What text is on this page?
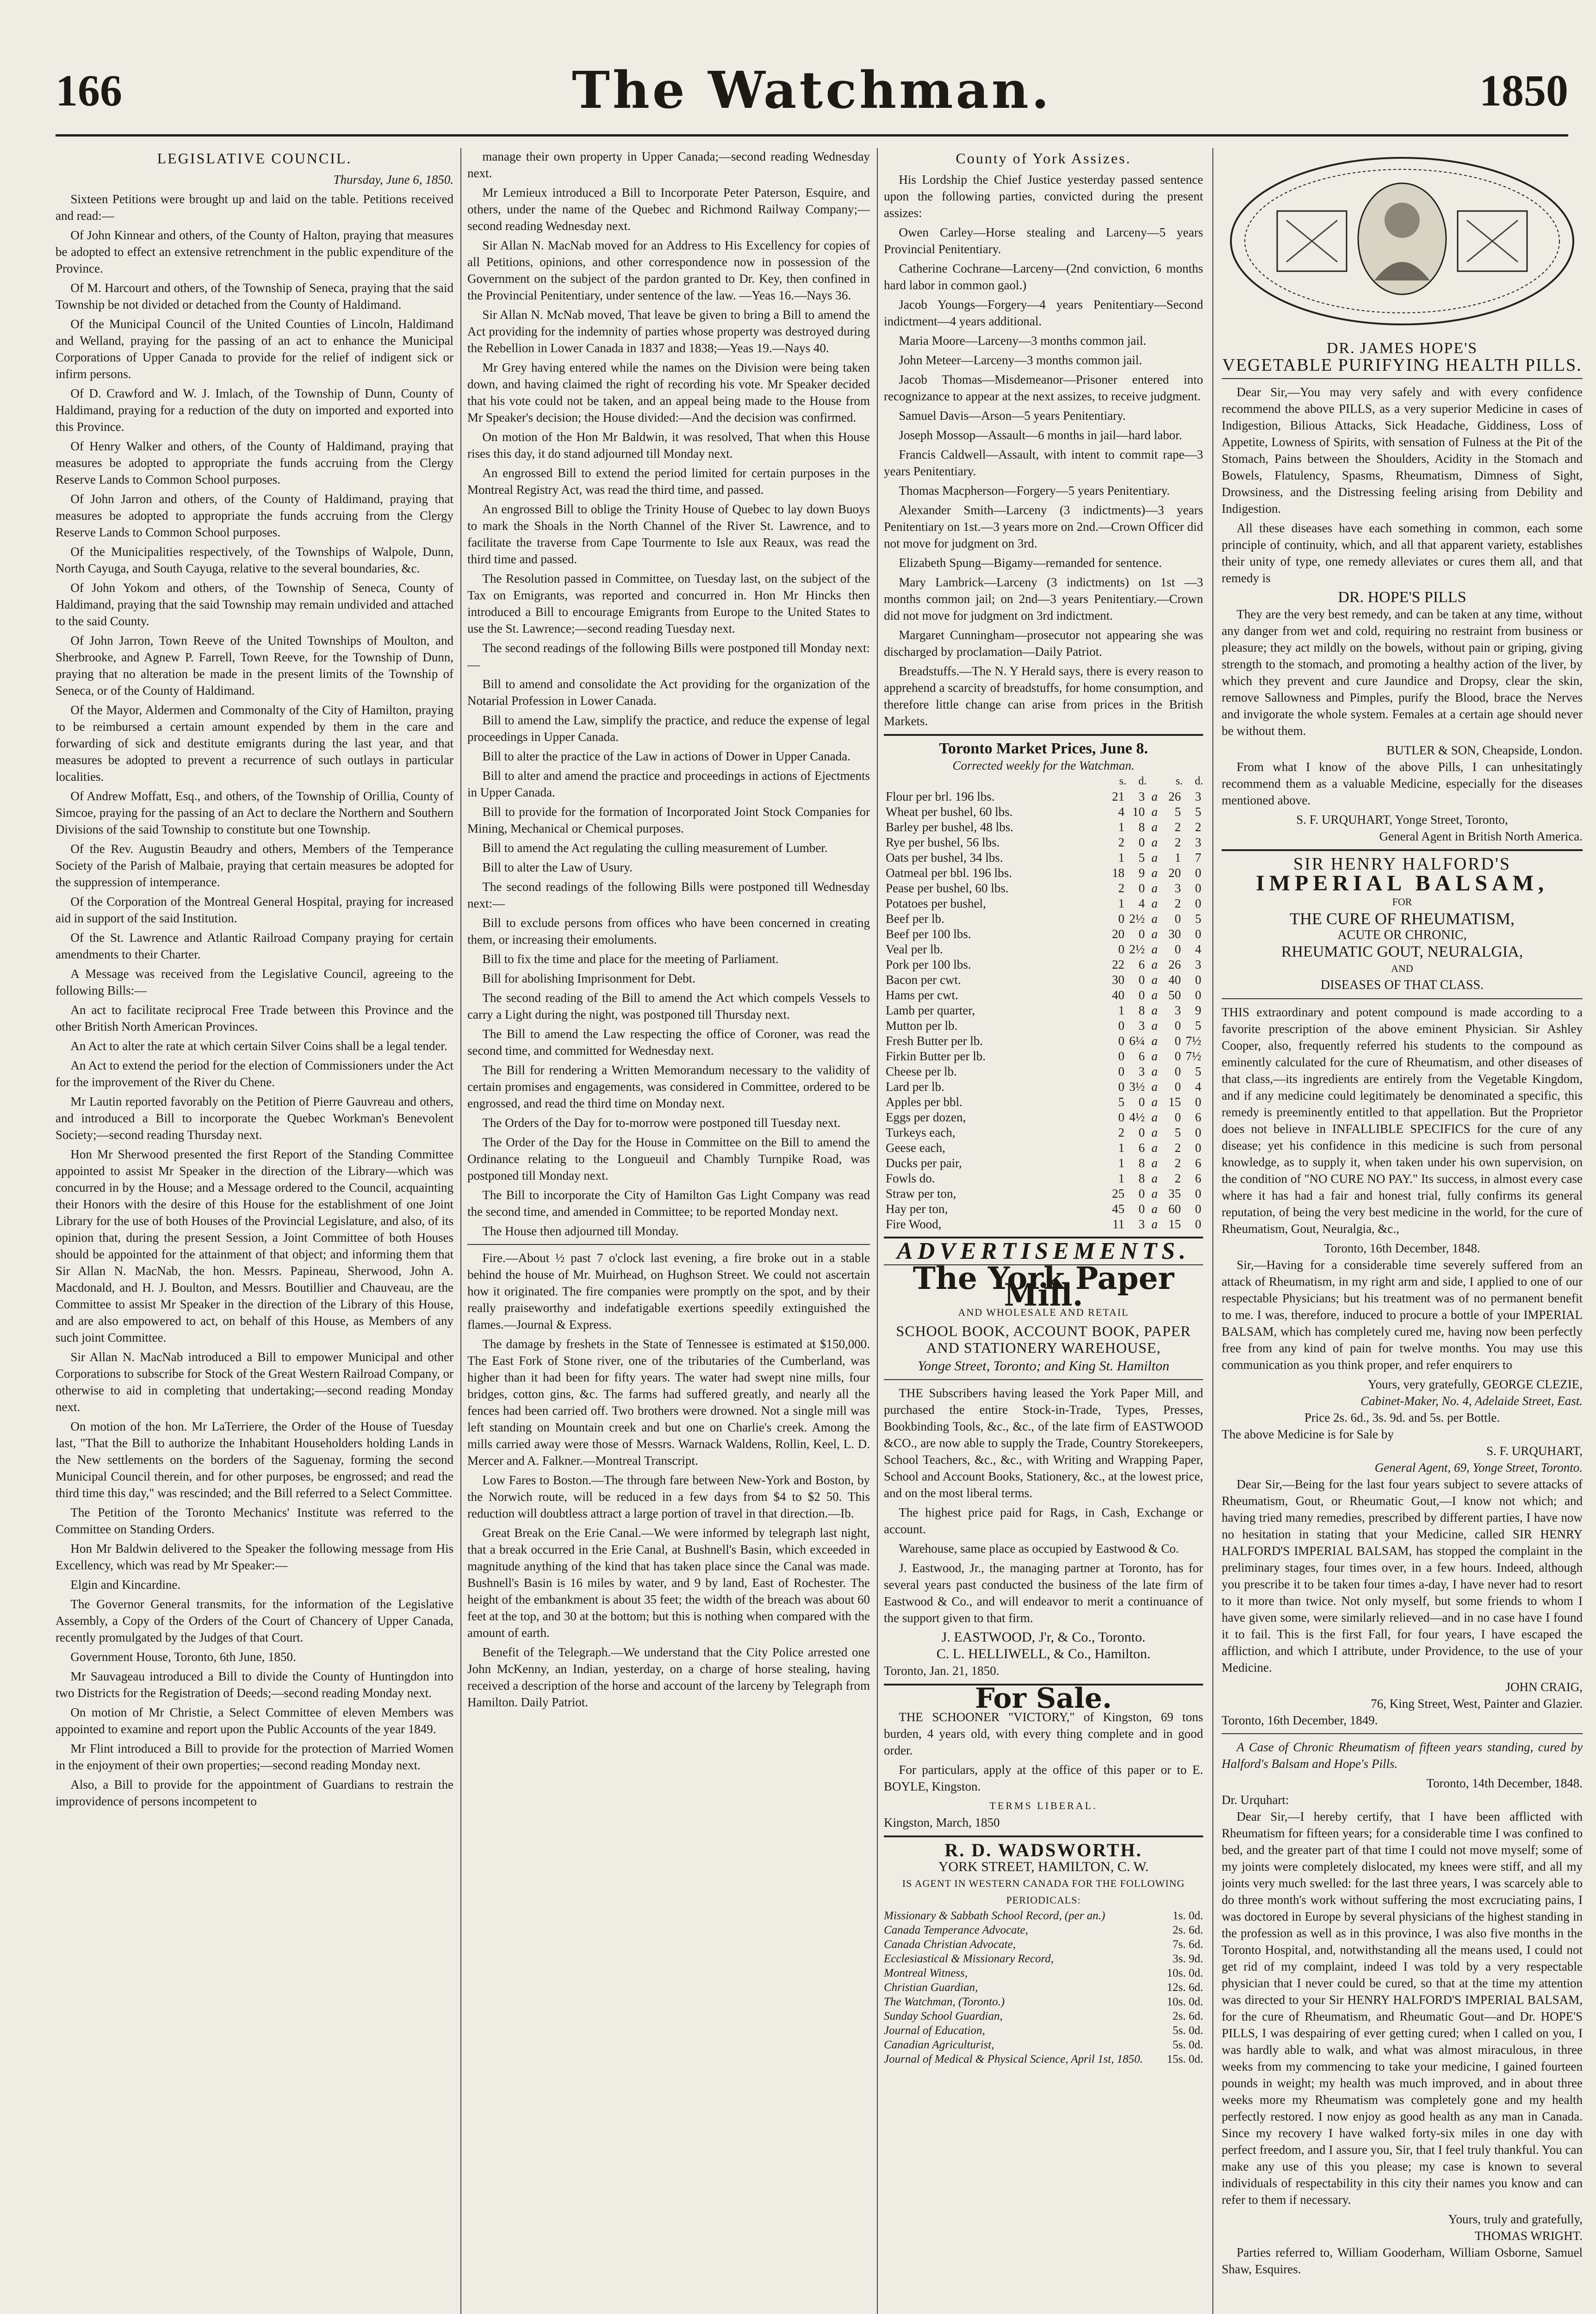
166	The Watchman.	1850
LEGISLATIVE COUNCIL.
Thursday, June 6, 1850.

Sixteen Petitions were brought up and laid on the table. Petitions received and read:—

Of John Kinnear and others, of the County of Halton, praying that measures be adopted to effect an extensive retrenchment in the public expenditure of the Province.

Of M. Harcourt and others, of the Township of Seneca, praying that the said Township be not divided or detached from the County of Haldimand.

Of the Municipal Council of the United Counties of Lincoln, Haldimand and Welland, praying for the passing of an act to enhance the Municipal Corporations of Upper Canada to provide for the relief of indigent sick or infirm persons.

Of D. Crawford and W. J. Imlach, of the Township of Dunn, County of Haldimand, praying for a reduction of the duty on imported and exported into this Province.

Of Henry Walker and others, of the County of Haldimand, praying that measures be adopted to appropriate the funds accruing from the Clergy Reserve Lands to Common School purposes.

Of John Jarron and others, of the County of Haldimand, praying that measures be adopted to appropriate the funds accruing from the Clergy Reserve Lands to Common School purposes.

Of the Municipalities respectively, of the Townships of Walpole, Dunn, North Cayuga, and South Cayuga, relative to the several boundaries, &c.

Of John Yokom and others, of the Township of Seneca, County of Haldimand, praying that the said Township may remain undivided and attached to the said County.

Of John Jarron, Town Reeve of the United Townships of Moulton, and Sherbrooke, and Agnew P. Farrell, Town Reeve, for the Township of Dunn, praying that no alteration be made in the present limits of the Township of Seneca, or of the County of Haldimand.

Of the Mayor, Aldermen and Commonalty of the City of Hamilton, praying to be reimbursed a certain amount expended by them in the care and forwarding of sick and destitute emigrants during the last year, and that measures be adopted to prevent a recurrence of such outlays in particular localities.

Of Andrew Moffatt, Esq., and others, of the Township of Orillia, County of Simcoe, praying for the passing of an Act to declare the Northern and Southern Divisions of the said Township to constitute but one Township.

Of the Rev. Augustin Beaudry and others, Members of the Temperance Society of the Parish of Malbaie, praying that certain measures be adopted for the suppression of intemperance.

Of the Corporation of the Montreal General Hospital, praying for increased aid in support of the said Institution.

Of the St. Lawrence and Atlantic Railroad Company praying for certain amendments to their Charter.

A Message was received from the Legislative Council, agreeing to the following Bills:—

An act to facilitate reciprocal Free Trade between this Province and the other British North American Provinces.

An Act to alter the rate at which certain Silver Coins shall be a legal tender.

An Act to extend the period for the election of Commissioners under the Act for the improvement of the River du Chene.

Mr Lautin reported favorably on the Petition of Pierre Gauvreau and others, and introduced a Bill to incorporate the Quebec Workman's Benevolent Society;—second reading Thursday next.

Hon Mr Sherwood presented the first Report of the Standing Committee appointed to assist Mr Speaker in the direction of the Library—which was concurred in by the House; and a Message ordered to the Council, acquainting their Honors with the desire of this House for the establishment of one Joint Library for the use of both Houses of the Provincial Legislature, and also, of its opinion that, during the present Session, a Joint Committee of both Houses should be appointed for the attainment of that object; and informing them that Sir Allan N. MacNab, the hon. Messrs. Papineau, Sherwood, John A. Macdonald, and H. J. Boulton, and Messrs. Boutillier and Chauveau, are the Committee to assist Mr Speaker in the direction of the Library of this House, and are also empowered to act, on behalf of this House, as Members of any such joint Committee.

Sir Allan N. MacNab introduced a Bill to empower Municipal and other Corporations to subscribe for Stock of the Great Western Railroad Company, or otherwise to aid in completing that undertaking;—second reading Monday next.

On motion of the hon. Mr LaTerriere, the Order of the House of Tuesday last, "That the Bill to authorize the Inhabitant Householders holding Lands in the New settlements on the borders of the Saguenay, forming the second Municipal Council therein, and for other purposes, be engrossed; and read the third time this day," was rescinded; and the Bill referred to a Select Committee.

The Petition of the Toronto Mechanics' Institute was referred to the Committee on Standing Orders.

Hon Mr Baldwin delivered to the Speaker the following message from His Excellency, which was read by Mr Speaker:—

Elgin and Kincardine.

The Governor General transmits, for the information of the Legislative Assembly, a Copy of the Orders of the Court of Chancery of Upper Canada, recently promulgated by the Judges of that Court.

Government House, Toronto, 6th June, 1850.

Mr Sauvageau introduced a Bill to divide the County of Huntingdon into two Districts for the Registration of Deeds;—second reading Monday next.

On motion of Mr Christie, a Select Committee of eleven Members was appointed to examine and report upon the Public Accounts of the year 1849.

Mr Flint introduced a Bill to provide for the protection of Married Women in the enjoyment of their own properties;—second reading Monday next.

Also, a Bill to provide for the appointment of Guardians to restrain the improvidence of persons incompetent to

manage their own property in Upper Canada;—second reading Wednesday next.

Mr Lemieux introduced a Bill to Incorporate Peter Paterson, Esquire, and others, under the name of the Quebec and Richmond Railway Company;—second reading Wednesday next.

Sir Allan N. MacNab moved for an Address to His Excellency for copies of all Petitions, opinions, and other correspondence now in possession of the Government on the subject of the pardon granted to Dr. Key, then confined in the Provincial Penitentiary, under sentence of the law. —Yeas 16.—Nays 36.

Sir Allan N. McNab moved, That leave be given to bring a Bill to amend the Act providing for the indemnity of parties whose property was destroyed during the Rebellion in Lower Canada in 1837 and 1838;—Yeas 19.—Nays 40.

Mr Grey having entered while the names on the Division were being taken down, and having claimed the right of recording his vote. Mr Speaker decided that his vote could not be taken, and an appeal being made to the House from Mr Speaker's decision; the House divided:—And the decision was confirmed.

On motion of the Hon Mr Baldwin, it was resolved, That when this House rises this day, it do stand adjourned till Monday next.

An engrossed Bill to extend the period limited for certain purposes in the Montreal Registry Act, was read the third time, and passed.

An engrossed Bill to oblige the Trinity House of Quebec to lay down Buoys to mark the Shoals in the North Channel of the River St. Lawrence, and to facilitate the traverse from Cape Tourmente to Isle aux Reaux, was read the third time and passed.

The Resolution passed in Committee, on Tuesday last, on the subject of the Tax on Emigrants, was reported and concurred in. Hon Mr Hincks then introduced a Bill to encourage Emigrants from Europe to the United States to use the St. Lawrence;—second reading Tuesday next.

The second readings of the following Bills were postponed till Monday next:—

Bill to amend and consolidate the Act providing for the organization of the Notarial Profession in Lower Canada.

Bill to amend the Law, simplify the practice, and reduce the expense of legal proceedings in Upper Canada.

Bill to alter the practice of the Law in actions of Dower in Upper Canada.

Bill to alter and amend the practice and proceedings in actions of Ejectments in Upper Canada.

Bill to provide for the formation of Incorporated Joint Stock Companies for Mining, Mechanical or Chemical purposes.

Bill to amend the Act regulating the culling measurement of Lumber.

Bill to alter the Law of Usury.

The second readings of the following Bills were postponed till Wednesday next:—

Bill to exclude persons from offices who have been concerned in creating them, or increasing their emoluments.

Bill to fix the time and place for the meeting of Parliament.

Bill for abolishing Imprisonment for Debt.

The second reading of the Bill to amend the Act which compels Vessels to carry a Light during the night, was postponed till Thursday next.

The Bill to amend the Law respecting the office of Coroner, was read the second time, and committed for Wednesday next.

The Bill for rendering a Written Memorandum necessary to the validity of certain promises and engagements, was considered in Committee, ordered to be engrossed, and read the third time on Monday next.

The Orders of the Day for to-morrow were postponed till Tuesday next.

The Order of the Day for the House in Committee on the Bill to amend the Ordinance relating to the Longueuil and Chambly Turnpike Road, was postponed till Monday next.

The Bill to incorporate the City of Hamilton Gas Light Company was read the second time, and amended in Committee; to be reported Monday next.

The House then adjourned till Monday.

Fire.—About ½ past 7 o'clock last evening, a fire broke out in a stable behind the house of Mr. Muirhead, on Hughson Street. We could not ascertain how it originated. The fire companies were promptly on the spot, and by their really praiseworthy and indefatigable exertions speedily extinguished the flames.—Journal & Express.

The damage by freshets in the State of Tennessee is estimated at $150,000. The East Fork of Stone river, one of the tributaries of the Cumberland, was higher than it had been for fifty years. The water had swept nine mills, four bridges, cotton gins, &c. The farms had suffered greatly, and nearly all the fences had been carried off. Two brothers were drowned. Not a single mill was left standing on Mountain creek and but one on Charlie's creek. Among the mills carried away were those of Messrs. Warnack Waldens, Rollin, Keel, L. D. Mercer and A. Falkner.—Montreal Transcript.

Low Fares to Boston.—The through fare between New-York and Boston, by the Norwich route, will be reduced in a few days from $4 to $2 50. This reduction will doubtless attract a large portion of travel in that direction.—Ib.

Great Break on the Erie Canal.—We were informed by telegraph last night, that a break occurred in the Erie Canal, at Bushnell's Basin, which exceeded in magnitude anything of the kind that has taken place since the Canal was made. Bushnell's Basin is 16 miles by water, and 9 by land, East of Rochester. The height of the embankment is about 35 feet; the width of the breach was about 60 feet at the top, and 30 at the bottom; but this is nothing when compared with the amount of earth.

Benefit of the Telegraph.—We understand that the City Police arrested one John McKenny, an Indian, yesterday, on a charge of horse stealing, having received a description of the horse and account of the larceny by Telegraph from Hamilton. Daily Patriot.

County of York Assizes.

His Lordship the Chief Justice yesterday passed sentence upon the following parties, convicted during the present assizes:

Owen Carley—Horse stealing and Larceny—5 years Provincial Penitentiary.

Catherine Cochrane—Larceny—(2nd conviction, 6 months hard labor in common gaol.)

Jacob Youngs—Forgery—4 years Penitentiary—Second indictment—4 years additional.

Maria Moore—Larceny—3 months common jail.

John Meteer—Larceny—3 months common jail.

Jacob Thomas—Misdemeanor—Prisoner entered into recognizance to appear at the next assizes, to receive judgment.

Samuel Davis—Arson—5 years Penitentiary.

Joseph Mossop—Assault—6 months in jail—hard labor.

Francis Caldwell—Assault, with intent to commit rape—3 years Penitentiary.

Thomas Macpherson—Forgery—5 years Penitentiary.

Alexander Smith—Larceny (3 indictments)—3 years Penitentiary on 1st.—3 years more on 2nd.—Crown Officer did not move for judgment on 3rd.

Elizabeth Spung—Bigamy—remanded for sentence.

Mary Lambrick—Larceny (3 indictments) on 1st —3 months common jail; on 2nd—3 years Penitentiary.—Crown did not move for judgment on 3rd indictment.

Margaret Cunningham—prosecutor not appearing she was discharged by proclamation—Daily Patriot.

Breadstuffs.—The N. Y Herald says, there is every reason to apprehend a scarcity of breadstuffs, for home consumption, and therefore little change can arise from prices in the British Markets.

Toronto Market Prices, June 8.
Corrected weekly for the Watchman.
	s.	d.		s.	d.
Flour per brl. 196 lbs.	21	3	a	26	3
Wheat per bushel, 60 lbs.	4	10	a	5	5
Barley per bushel, 48 lbs.	1	8	a	2	2
Rye per bushel, 56 lbs.	2	0	a	2	3
Oats per bushel, 34 lbs.	1	5	a	1	7
Oatmeal per bbl. 196 lbs.	18	9	a	20	0
Pease per bushel, 60 lbs.	2	0	a	3	0
Potatoes per bushel,	1	4	a	2	0
Beef per lb.	0	2½	a	0	5
Beef per 100 lbs.	20	0	a	30	0
Veal per lb.	0	2½	a	0	4
Pork per 100 lbs.	22	6	a	26	3
Bacon per cwt.	30	0	a	40	0
Hams per cwt.	40	0	a	50	0
Lamb per quarter,	1	8	a	3	9
Mutton per lb.	0	3	a	0	5
Fresh Butter per lb.	0	6¼	a	0	7½
Firkin Butter per lb.	0	6	a	0	7½
Cheese per lb.	0	3	a	0	5
Lard per lb.	0	3½	a	0	4
Apples per bbl.	5	0	a	15	0
Eggs per dozen,	0	4½	a	0	6
Turkeys each,	2	0	a	5	0
Geese each,	1	6	a	2	0
Ducks per pair,	1	8	a	2	6
Fowls do.	1	8	a	2	6
Straw per ton,	25	0	a	35	0
Hay per ton,	45	0	a	60	0
Fire Wood,	11	3	a	15	0
ADVERTISEMENTS.
The York Paper Mill.
AND WHOLESALE AND RETAIL
SCHOOL BOOK, ACCOUNT BOOK, PAPER AND STATIONERY WAREHOUSE,
Yonge Street, Toronto; and King St. Hamilton

THE Subscribers having leased the York Paper Mill, and purchased the entire Stock-in-Trade, Types, Presses, Bookbinding Tools, &c., &c., of the late firm of EASTWOOD &CO., are now able to supply the Trade, Country Storekeepers, School Teachers, &c., &c., with Writing and Wrapping Paper, School and Account Books, Stationery, &c., at the lowest price, and on the most liberal terms.

The highest price paid for Rags, in Cash, Exchange or account.

Warehouse, same place as occupied by Eastwood & Co.

J. Eastwood, Jr., the managing partner at Toronto, has for several years past conducted the business of the late firm of Eastwood & Co., and will endeavor to merit a continuance of the support given to that firm.

J. EASTWOOD, J'r, & Co., Toronto.
C. L. HELLIWELL, & Co., Hamilton.
Toronto, Jan. 21, 1850.
For Sale.

THE SCHOONER "VICTORY," of Kingston, 69 tons burden, 4 years old, with every thing complete and in good order.

For particulars, apply at the office of this paper or to E. BOYLE, Kingston.

TERMS LIBERAL.
Kingston, March, 1850
R. D. WADSWORTH.
YORK STREET, HAMILTON, C. W.
IS AGENT IN WESTERN CANADA FOR THE FOLLOWING PERIODICALS:
Missionary & Sabbath School Record, (per an.)	1s. 0d.
Canada Temperance Advocate,	2s. 6d.
Canada Christian Advocate,	7s. 6d.
Ecclesiastical & Missionary Record,	3s. 9d.
Montreal Witness,	10s. 0d.
Christian Guardian,	12s. 6d.
The Watchman, (Toronto.)	10s. 0d.
Sunday School Guardian,	2s. 6d.
Journal of Education,	5s. 0d.
Canadian Agriculturist,	5s. 0d.
Journal of Medical & Physical Science, April 1st, 1850.	15s. 0d.
DR. JAMES HOPE'S
VEGETABLE PURIFYING HEALTH PILLS.

Dear Sir,—You may very safely and with every confidence recommend the above PILLS, as a very superior Medicine in cases of Indigestion, Bilious Attacks, Sick Headache, Giddiness, Loss of Appetite, Lowness of Spirits, with sensation of Fulness at the Pit of the Stomach, Pains between the Shoulders, Acidity in the Stomach and Bowels, Flatulency, Spasms, Rheumatism, Dimness of Sight, Drowsiness, and the Distressing feeling arising from Debility and Indigestion.

All these diseases have each something in common, each some principle of continuity, which, and all that apparent variety, establishes their unity of type, one remedy alleviates or cures them all, and that remedy is

DR. HOPE'S PILLS

They are the very best remedy, and can be taken at any time, without any danger from wet and cold, requiring no restraint from business or pleasure; they act mildly on the bowels, without pain or griping, giving strength to the stomach, and promoting a healthy action of the liver, by which they prevent and cure Jaundice and Dropsy, clear the skin, remove Sallowness and Pimples, purify the Blood, brace the Nerves and invigorate the whole system. Females at a certain age should never be without them.

BUTLER & SON, Cheapside, London.

From what I know of the above Pills, I can unhesitatingly recommend them as a valuable Medicine, especially for the diseases mentioned above.

S. F. URQUHART, Yonge Street, Toronto,
General Agent in British North America.
SIR HENRY HALFORD'S
IMPERIAL BALSAM,
FOR
THE CURE OF RHEUMATISM,
ACUTE OR CHRONIC,
RHEUMATIC GOUT, NEURALGIA,
AND
DISEASES OF THAT CLASS.

THIS extraordinary and potent compound is made according to a favorite prescription of the above eminent Physician. Sir Ashley Cooper, also, frequently referred his students to the compound as eminently calculated for the cure of Rheumatism, and other diseases of that class,—its ingredients are entirely from the Vegetable Kingdom, and if any medicine could legitimately be denominated a specific, this remedy is preeminently entitled to that appellation. But the Proprietor does not believe in INFALLIBLE SPECIFICS for the cure of any disease; yet his confidence in this medicine is such from personal knowledge, as to supply it, when taken under his own supervision, on the condition of "NO CURE NO PAY." Its success, in almost every case where it has had a fair and honest trial, fully confirms its general reputation, of being the very best medicine in the world, for the cure of Rheumatism, Gout, Neuralgia, &c.,

Toronto, 16th December, 1848.

Sir,—Having for a considerable time severely suffered from an attack of Rheumatism, in my right arm and side, I applied to one of our respectable Physicians; but his treatment was of no permanent benefit to me. I was, therefore, induced to procure a bottle of your IMPERIAL BALSAM, which has completely cured me, having now been perfectly free from any kind of pain for twelve months. You may use this communication as you think proper, and refer enquirers to

Yours, very gratefully, GEORGE CLEZIE,
Cabinet-Maker, No. 4, Adelaide Street, East.
Price 2s. 6d., 3s. 9d. and 5s. per Bottle.
The above Medicine is for Sale by
S. F. URQUHART,
General Agent, 69, Yonge Street, Toronto.

Dear Sir,—Being for the last four years subject to severe attacks of Rheumatism, Gout, or Rheumatic Gout,—I know not which; and having tried many remedies, prescribed by different parties, I have now no hesitation in stating that your Medicine, called SIR HENRY HALFORD'S IMPERIAL BALSAM, has stopped the complaint in the preliminary stages, four times over, in a few hours. Indeed, although you prescribe it to be taken four times a-day, I have never had to resort to it more than twice. Not only myself, but some friends to whom I have given some, were similarly relieved—and in no case have I found it to fail. This is the first Fall, for four years, I have escaped the affliction, and which I attribute, under Providence, to the use of your Medicine.

JOHN CRAIG,
76, King Street, West, Painter and Glazier.
Toronto, 16th December, 1849.

A Case of Chronic Rheumatism of fifteen years standing, cured by Halford's Balsam and Hope's Pills.

Toronto, 14th December, 1848.
Dr. Urquhart:

Dear Sir,—I hereby certify, that I have been afflicted with Rheumatism for fifteen years; for a considerable time I was confined to bed, and the greater part of that time I could not move myself; some of my joints were completely dislocated, my knees were stiff, and all my joints very much swelled: for the last three years, I was scarcely able to do three month's work without suffering the most excruciating pains, I was doctored in Europe by several physicians of the highest standing in the profession as well as in this province, I was also five months in the Toronto Hospital, and, notwithstanding all the means used, I could not get rid of my complaint, indeed I was told by a very respectable physician that I never could be cured, so that at the time my attention was directed to your Sir HENRY HALFORD'S IMPERIAL BALSAM, for the cure of Rheumatism, and Rheumatic Gout—and Dr. HOPE'S PILLS, I was despairing of ever getting cured; when I called on you, I was hardly able to walk, and what was almost miraculous, in three weeks from my commencing to take your medicine, I gained fourteen pounds in weight; my health was much improved, and in about three weeks more my Rheumatism was completely gone and my health perfectly restored. I now enjoy as good health as any man in Canada. Since my recovery I have walked forty-six miles in one day with perfect freedom, and I assure you, Sir, that I feel truly thankful. You can make any use of this you please; my case is known to several individuals of respectability in this city their names you know and can refer to them if necessary.

Yours, truly and gratefully,
THOMAS WRIGHT.

Parties referred to, William Gooderham, William Osborne, Samuel Shaw, Esquires.
